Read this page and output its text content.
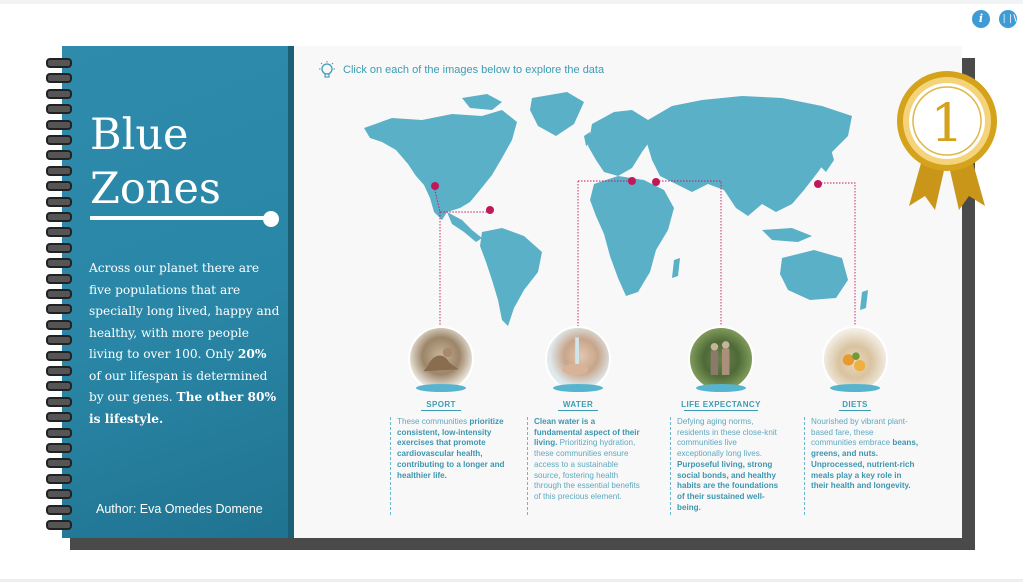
i	❘❘\
Blue
Zones
Across our planet there are five populations that are specially long lived, happy and healthy, with more people living to over 100. Only 20% of our lifespan is determined by our genes. The other 80% is lifestyle.
Author: Eva Omedes Domene
Click on each of the images below to explore the data
1
SPORT
These communities prioritize consistent, low-intensity exercises that promote cardiovascular health, contributing to a longer and healthier life.
WATER
Clean water is a fundamental aspect of their living. Prioritizing hydration, these communities ensure access to a sustainable source, fostering health through the essential benefits of this precious element.
LIFE EXPECTANCY
Defying aging norms, residents in these close-knit communities live exceptionally long lives. Purposeful living, strong social bonds, and healthy habits are the foundations of their sustained well-being.
DIETS
Nourished by vibrant plant-based fare, these communities embrace beans, greens, and nuts. Unprocessed, nutrient-rich meals play a key role in their health and longevity.
